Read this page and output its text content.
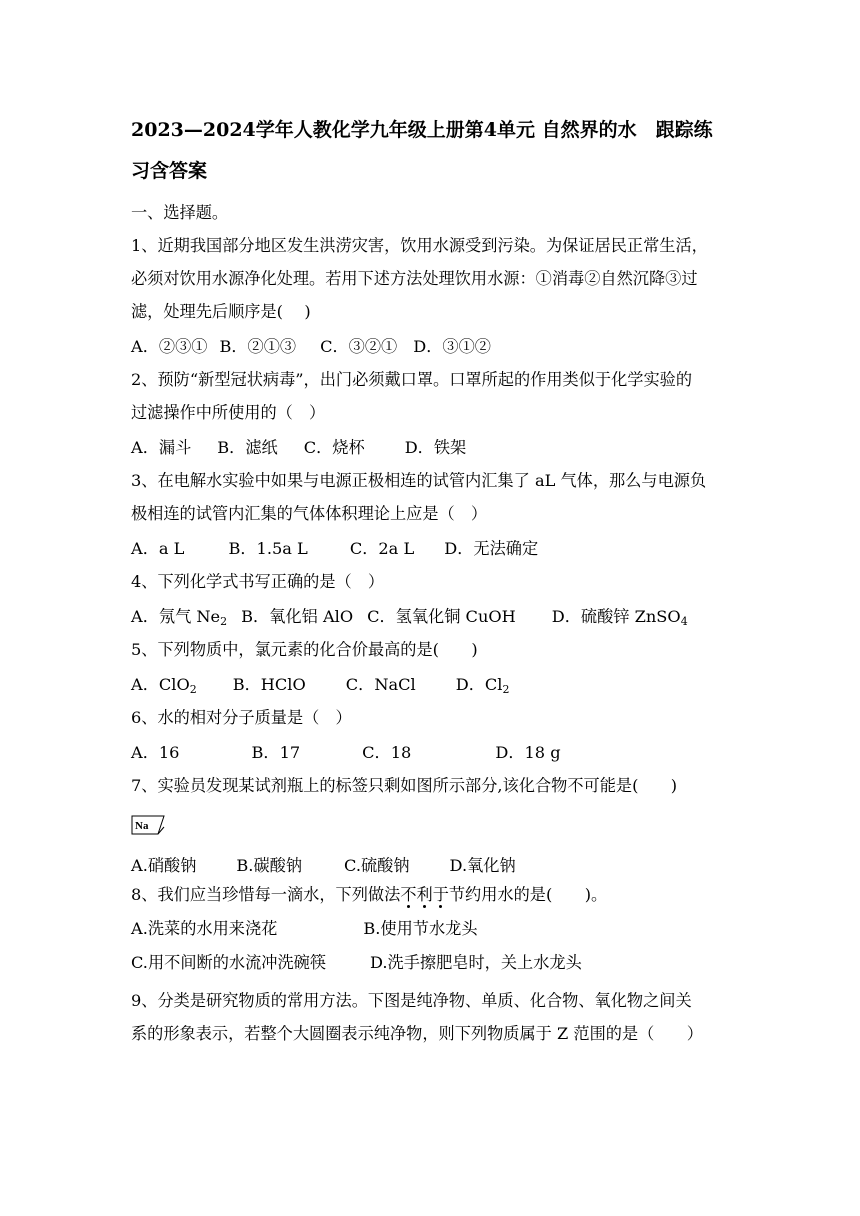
2023—2024学年人教化学九年级上册第4单元 自然界的水　跟踪练
习含答案
一、选择题。
1、近期我国部分地区发生洪涝灾害，饮用水源受到污染。为保证居民正常生活，
必须对饮用水源净化处理。若用下述方法处理饮用水源：①消毒②自然沉降③过
滤，处理先后顺序是(　 )
A．②③① B．②①③ C．③②① D．③①②
2、预防“新型冠状病毒”，出门必须戴口罩。口罩所起的作用类似于化学实验的
过滤操作中所使用的（　）
A．漏斗 B．滤纸 C．烧杯 D．铁架
3、在电解水实验中如果与电源正极相连的试管内汇集了 aL 气体，那么与电源负
极相连的试管内汇集的气体体积理论上应是（　）
A．a L	B．1.5a L	C．2a L D．无法确定
4、下列化学式书写正确的是（　）
A．氖气 $Ne_2$ B．氧化铝 AlO C．氢氧化铜 CuOH D．硫酸锌 ZnSO$_4$
5、下列物质中，氯元素的化合价最高的是(　　)
A．ClO$_2$ B．HClO C．NaCl D．$Cl_2$
6、水的相对分子质量是（　）
A．16	B．17	C．18	D．18 g
7、实验员发现某试剂瓶上的标签只剩如图所示部分,该化合物不可能是(　　)
Na
A.硝酸钠 B.碳酸钠	C.硫酸钠 D.氧化钠
8、我们应当珍惜每一滴水，下列做法不利于节约用水的是(　　)。
A.洗菜的水用来浇花	B.使用节水龙头
C.用不间断的水流冲洗碗筷	D.洗手擦肥皂时，关上水龙头
9、分类是研究物质的常用方法。下图是纯净物、单质、化合物、氧化物之间关
系的形象表示，若整个大圆圈表示纯净物，则下列物质属于 Z 范围的是（　　）
